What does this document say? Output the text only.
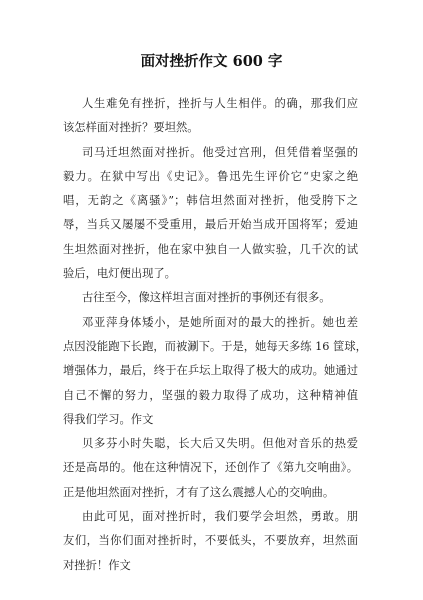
面对挫折作文 600 字
人生难免有挫折，挫折与人生相伴。的确，那我们应
该怎样面对挫折？要坦然。
司马迁坦然面对挫折。他受过宫刑，但凭借着坚强的
毅力。在狱中写出《史记》。鲁迅先生评价它“史家之绝
唱，无韵之《离骚》”；韩信坦然面对挫折，他受胯下之
辱，当兵又屡屡不受重用，最后开始当成开国将军；爱迪
生坦然面对挫折，他在家中独自一人做实验，几千次的试
验后，电灯便出现了。
古往至今，像这样坦言面对挫折的事例还有很多。
邓亚萍身体矮小，是她所面对的最大的挫折。她也差
点因没能跑下长跑，而被涮下。于是，她每天多练 16 筐球，
增强体力，最后，终于在乒坛上取得了极大的成功。她通过
自己不懈的努力，坚强的毅力取得了成功，这种精神值
得我们学习。作文
贝多芬小时失聪，长大后又失明。但他对音乐的热爱
还是高昂的。他在这种情况下，还创作了《第九交响曲》。
正是他坦然面对挫折，才有了这么震撼人心的交响曲。
由此可见，面对挫折时，我们要学会坦然，勇敢。朋
友们，当你们面对挫折时，不要低头，不要放弃，坦然面
对挫折！作文
